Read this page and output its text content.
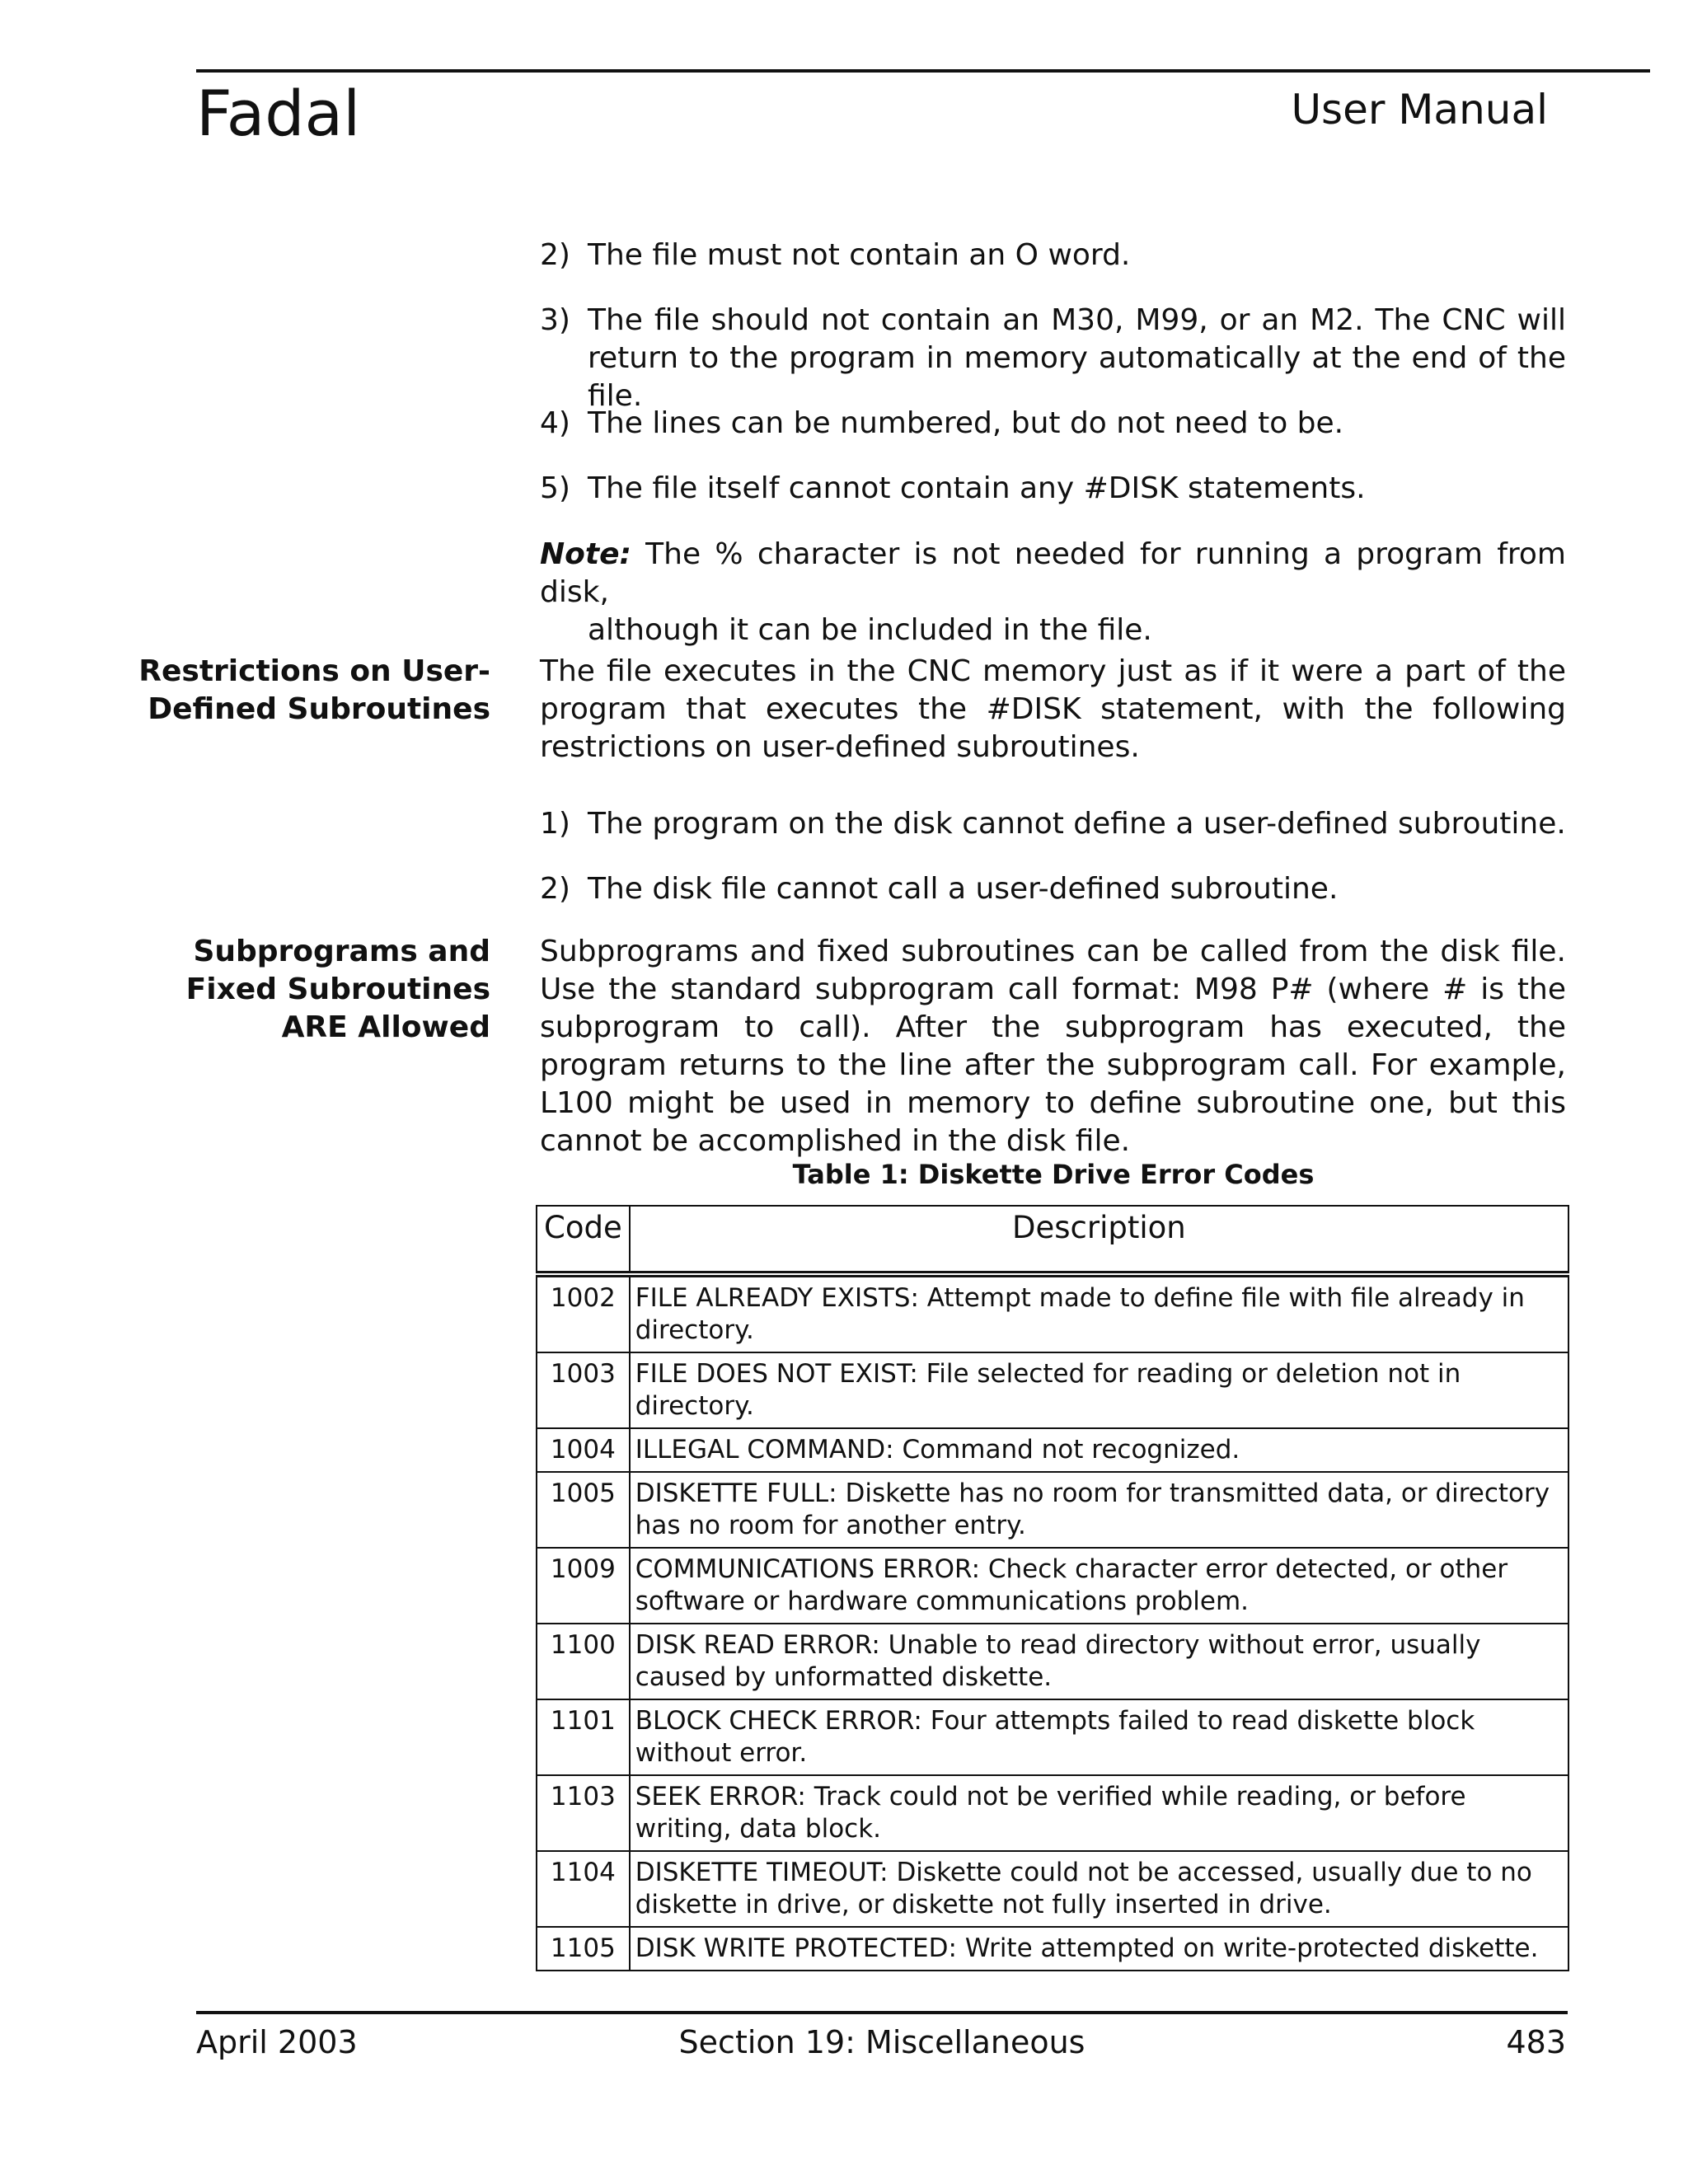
Fadal	User Manual
2) The file must not contain an O word.
3) The file should not contain an M30, M99, or an M2. The CNC will return to the program in memory automatically at the end of the file.
4) The lines can be numbered, but do not need to be.
5) The file itself cannot contain any #DISK statements.
Note: The % character is not needed for running a program from disk,
although it can be included in the file.
Restrictions on User-
Defined Subroutines
The file executes in the CNC memory just as if it were a part of the program that executes the #DISK statement, with the following restrictions on user-defined subroutines.
1) The program on the disk cannot define a user-defined subroutine.
2) The disk file cannot call a user-defined subroutine.
Subprograms and
Fixed Subroutines
ARE Allowed
Subprograms and fixed subroutines can be called from the disk file. Use the standard subprogram call format: M98 P# (where # is the subprogram to call). After the subprogram has executed, the program returns to the line after the subprogram call. For example, L100 might be used in memory to define subroutine one, but this cannot be accomplished in the disk file.
Table 1: Diskette Drive Error Codes
Code	Description
1002	FILE ALREADY EXISTS: Attempt made to define file with file already in directory.
1003	FILE DOES NOT EXIST: File selected for reading or deletion not in directory.
1004	ILLEGAL COMMAND: Command not recognized.
1005	DISKETTE FULL: Diskette has no room for transmitted data, or directory has no room for another entry.
1009	COMMUNICATIONS ERROR: Check character error detected, or other software or hardware communications problem.
1100	DISK READ ERROR: Unable to read directory without error, usually caused by unformatted diskette.
1101	BLOCK CHECK ERROR: Four attempts failed to read diskette block without error.
1103	SEEK ERROR: Track could not be verified while reading, or before writing, data block.
1104	DISKETTE TIMEOUT: Diskette could not be accessed, usually due to no diskette in drive, or diskette not fully inserted in drive.
1105	DISK WRITE PROTECTED: Write attempted on write-protected diskette.
April 2003	Section 19: Miscellaneous	483
